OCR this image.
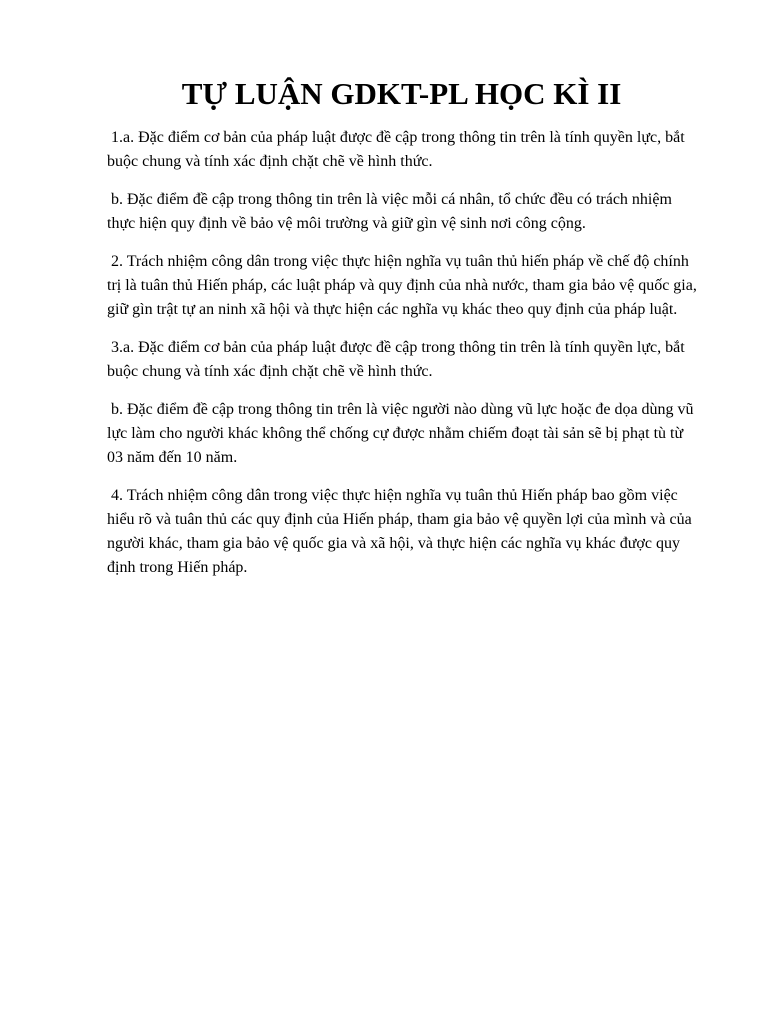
TỰ LUẬN GDKT-PL HỌC KÌ II

1.a. Đặc điểm cơ bản của pháp luật được đề cập trong thông tin trên là tính quyền lực, bắt buộc chung và tính xác định chặt chẽ về hình thức.

b. Đặc điểm đề cập trong thông tin trên là việc mỗi cá nhân, tổ chức đều có trách nhiệm thực hiện quy định về bảo vệ môi trường và giữ gìn vệ sinh nơi công cộng.

2. Trách nhiệm công dân trong việc thực hiện nghĩa vụ tuân thủ hiến pháp về chế độ chính trị là tuân thủ Hiến pháp, các luật pháp và quy định của nhà nước, tham gia bảo vệ quốc gia, giữ gìn trật tự an ninh xã hội và thực hiện các nghĩa vụ khác theo quy định của pháp luật.

3.a. Đặc điểm cơ bản của pháp luật được đề cập trong thông tin trên là tính quyền lực, bắt buộc chung và tính xác định chặt chẽ về hình thức.

b. Đặc điểm đề cập trong thông tin trên là việc người nào dùng vũ lực hoặc đe dọa dùng vũ lực làm cho người khác không thể chống cự được nhằm chiếm đoạt tài sản sẽ bị phạt tù từ 03 năm đến 10 năm.

4. Trách nhiệm công dân trong việc thực hiện nghĩa vụ tuân thủ Hiến pháp bao gồm việc hiểu rõ và tuân thủ các quy định của Hiến pháp, tham gia bảo vệ quyền lợi của mình và của người khác, tham gia bảo vệ quốc gia và xã hội, và thực hiện các nghĩa vụ khác được quy định trong Hiến pháp.
